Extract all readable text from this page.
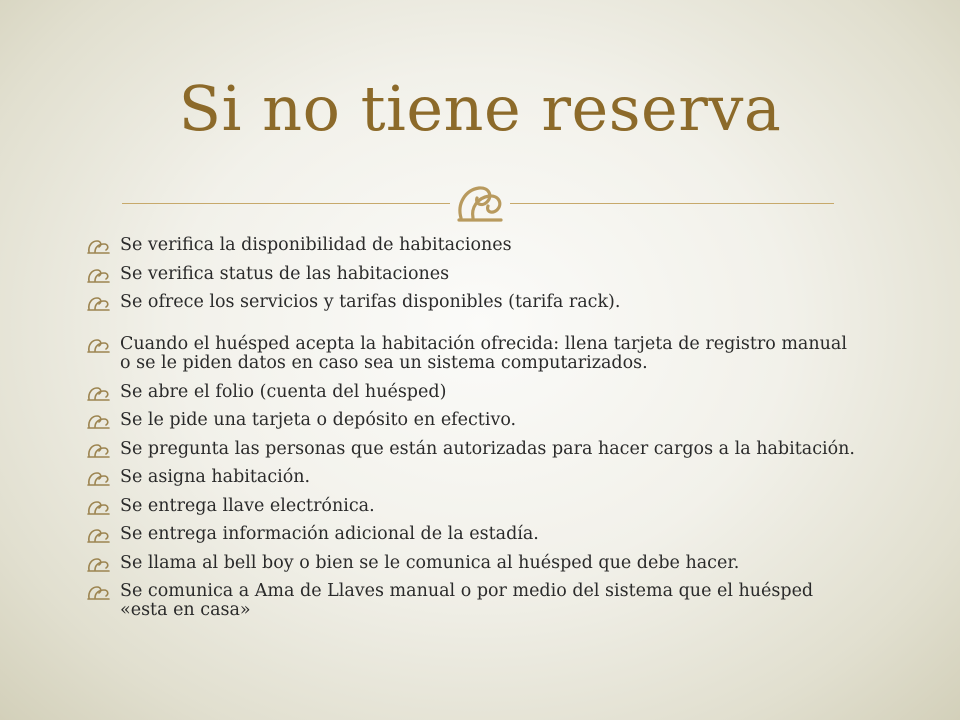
Si no tiene reserva
Se verifica la disponibilidad de habitaciones
Se verifica status de las habitaciones
Se ofrece los servicios y tarifas disponibles (tarifa rack).
Cuando el huésped acepta la habitación ofrecida: llena tarjeta de registro manual o se le piden datos en caso sea un sistema computarizados.
Se abre el folio (cuenta del huésped)
Se le pide una tarjeta o depósito en efectivo.
Se pregunta las personas que están autorizadas para hacer cargos a la habitación.
Se asigna habitación.
Se entrega llave electrónica.
Se entrega información adicional de la estadía.
Se llama al bell boy o bien se le comunica al huésped que debe hacer.
Se comunica a Ama de Llaves manual o por medio del sistema que el huésped «esta en casa»
